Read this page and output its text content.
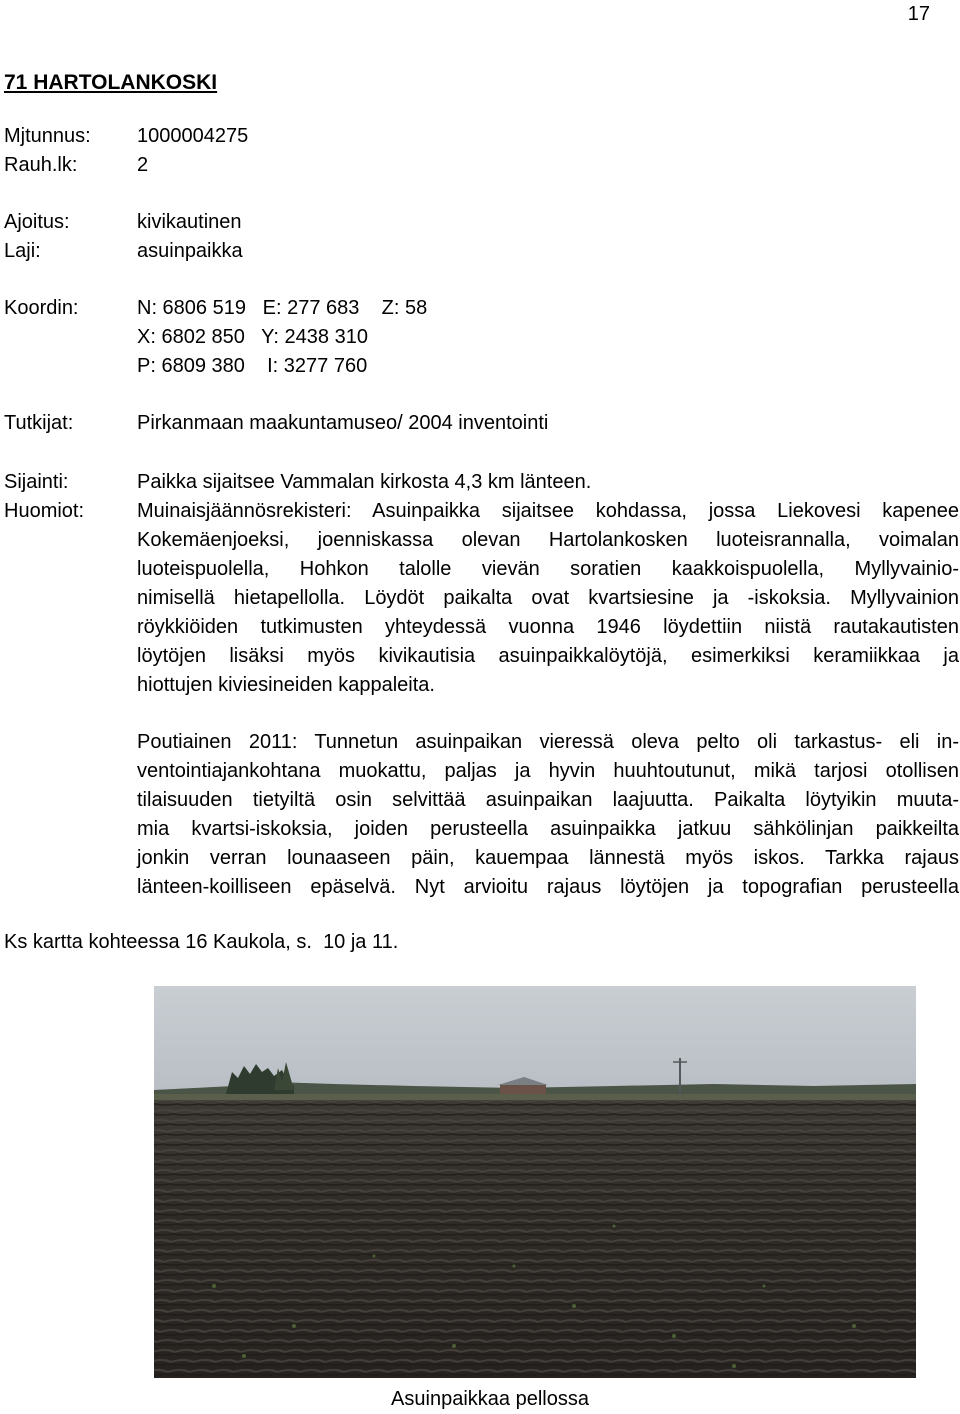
17
71 HARTOLANKOSKI
Mjtunnus: 1000004275
Rauh.lk:	2
Ajoitus:	kivikautinen
Laji:	asuinpaikka
Koordin:	N: 6806 519   E: 277 683    Z: 58
X: 6802 850   Y: 2438 310
P: 6809 380    I: 3277 760
Tutkijat:	Pirkanmaan maakuntamuseo/ 2004 inventointi
Sijainti:	Paikka sijaitsee Vammalan kirkosta 4,3 km länteen.
Huomiot:	Muinaisjäännösrekisteri: Asuinpaikka sijaitsee kohdassa, jossa Liekovesi kapenee
Kokemäenjoeksi, joenniskassa olevan Hartolankosken luoteisrannalla, voimalan
luoteispuolella, Hohkon talolle vievän soratien kaakkoispuolella, Myllyvainio-
nimisellä hietapellolla. Löydöt paikalta ovat kvartsiesine ja -iskoksia. Myllyvainion
röykkiöiden tutkimusten yhteydessä vuonna 1946 löydettiin niistä rautakautisten
löytöjen lisäksi myös kivikautisia asuinpaikkalöytöjä, esimerkiksi keramiikkaa ja
hiottujen kiviesineiden kappaleita.
Poutiainen 2011: Tunnetun asuinpaikan vieressä oleva pelto oli tarkastus- eli in-
ventointiajankohtana muokattu, paljas ja hyvin huuhtoutunut, mikä tarjosi otollisen
tilaisuuden tietyiltä osin selvittää asuinpaikan laajuutta. Paikalta löytyikin muuta-
mia kvartsi-iskoksia, joiden perusteella asuinpaikka jatkuu sähkölinjan paikkeilta
jonkin verran lounaaseen päin, kauempaa lännestä myös iskos. Tarkka rajaus
länteen-koilliseen epäselvä. Nyt arvioitu rajaus löytöjen ja topografian perusteella
Ks kartta kohteessa 16 Kaukola, s.  10 ja 11.
Asuinpaikkaa pellossa
